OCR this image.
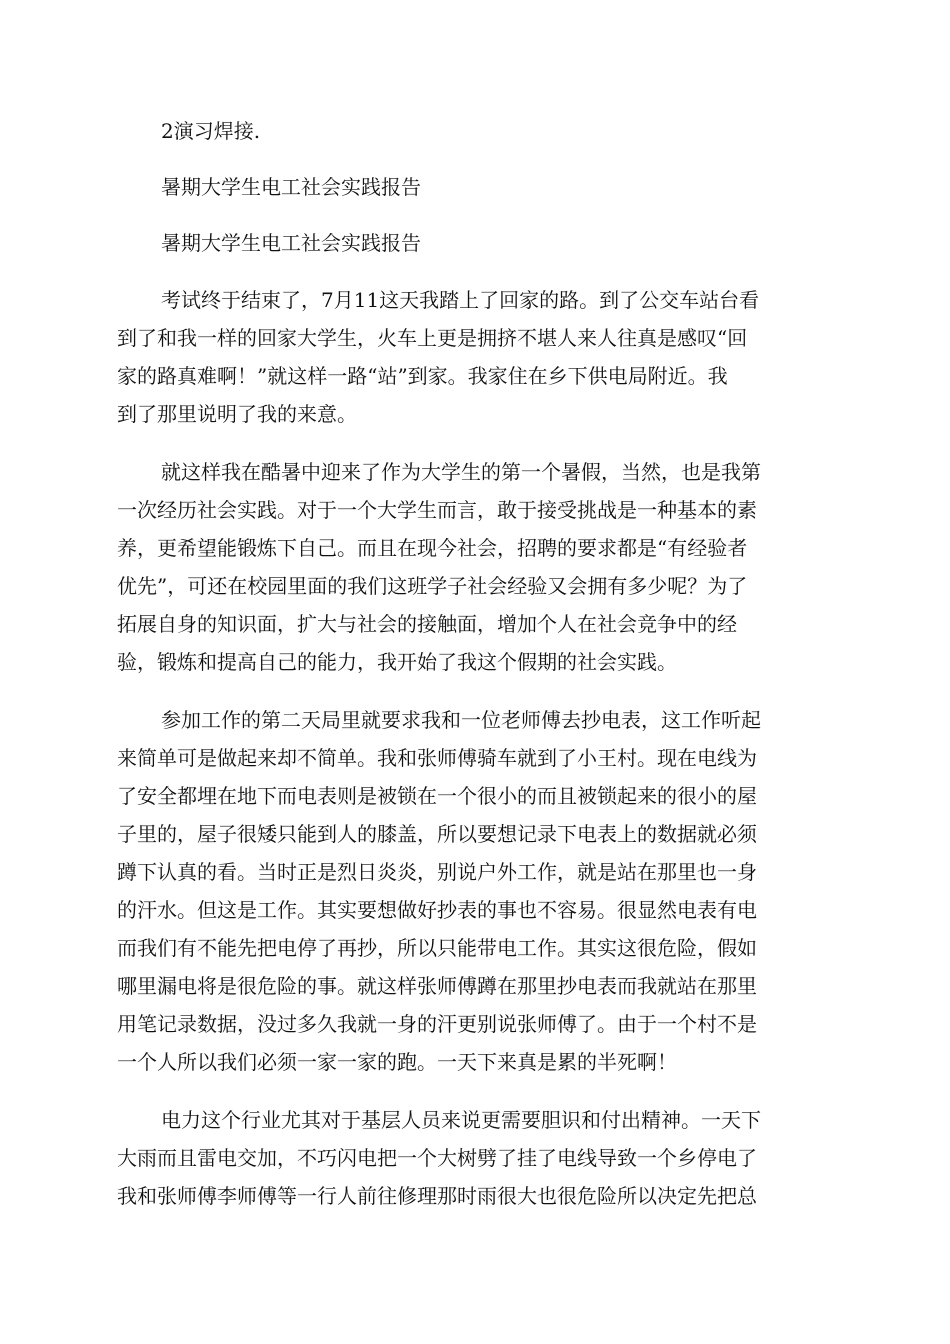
2演习焊接.
暑期大学生电工社会实践报告
暑期大学生电工社会实践报告
考试终于结束了，7月11这天我踏上了回家的路。到了公交车站台看
到了和我一样的回家大学生，火车上更是拥挤不堪人来人往真是感叹“回
家的路真难啊！”就这样一路“站”到家。我家住在乡下供电局附近。我
到了那里说明了我的来意。
就这样我在酷暑中迎来了作为大学生的第一个暑假，当然，也是我第
一次经历社会实践。对于一个大学生而言，敢于接受挑战是一种基本的素
养，更希望能锻炼下自己。而且在现今社会，招聘的要求都是“有经验者
优先”，可还在校园里面的我们这班学子社会经验又会拥有多少呢？为了
拓展自身的知识面，扩大与社会的接触面，增加个人在社会竞争中的经
验，锻炼和提高自己的能力，我开始了我这个假期的社会实践。
参加工作的第二天局里就要求我和一位老师傅去抄电表，这工作听起
来简单可是做起来却不简单。我和张师傅骑车就到了小王村。现在电线为
了安全都埋在地下而电表则是被锁在一个很小的而且被锁起来的很小的屋
子里的，屋子很矮只能到人的膝盖，所以要想记录下电表上的数据就必须
蹲下认真的看。当时正是烈日炎炎，别说户外工作，就是站在那里也一身
的汗水。但这是工作。其实要想做好抄表的事也不容易。很显然电表有电
而我们有不能先把电停了再抄，所以只能带电工作。其实这很危险，假如
哪里漏电将是很危险的事。就这样张师傅蹲在那里抄电表而我就站在那里
用笔记录数据，没过多久我就一身的汗更别说张师傅了。由于一个村不是
一个人所以我们必须一家一家的跑。一天下来真是累的半死啊！
电力这个行业尤其对于基层人员来说更需要胆识和付出精神。一天下
大雨而且雷电交加，不巧闪电把一个大树劈了挂了电线导致一个乡停电了
我和张师傅李师傅等一行人前往修理那时雨很大也很危险所以决定先把总
